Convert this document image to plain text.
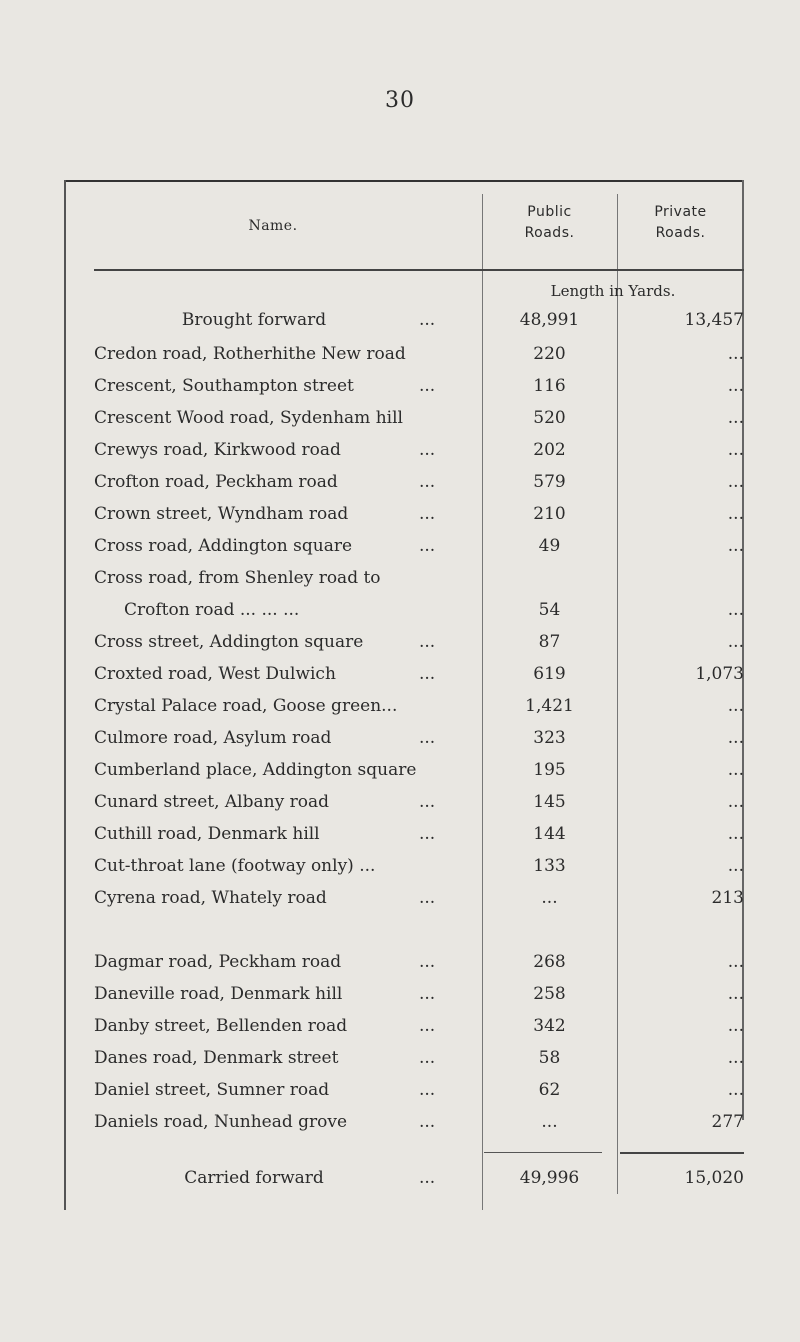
30
Name.
Public
Roads.
Private
Roads.
Length in Yards.
Brought forward	...	48,991	13,457
Credon road, Rotherhithe New road	220	...
Crescent, Southampton street	...	116	...
Crescent Wood road, Sydenham hill	520	...
Crewys road, Kirkwood road	...	202	...
Crofton road, Peckham road	...	579	...
Crown street, Wyndham road	...	210	...
Cross road, Addington square	...	49	...
Cross road, from Shenley road to
Crofton road ... ... ...	54	...
Cross street, Addington square	...	87	...
Croxted road, West Dulwich	...	619	1,073
Crystal Palace road, Goose green...	1,421	...
Culmore road, Asylum road	...	323	...
Cumberland place, Addington square	195	...
Cunard street, Albany road	...	145	...
Cuthill road, Denmark hill	...	144	...
Cut-throat lane (footway only) ...	133	...
Cyrena road, Whately road	...	...	213
Dagmar road, Peckham road	...	268	...
Daneville road, Denmark hill	...	258	...
Danby street, Bellenden road	...	342	...
Danes road, Denmark street	...	58	...
Daniel street, Sumner road	...	62	...
Daniels road, Nunhead grove	...	...	277
Carried forward	...	49,996	15,020
